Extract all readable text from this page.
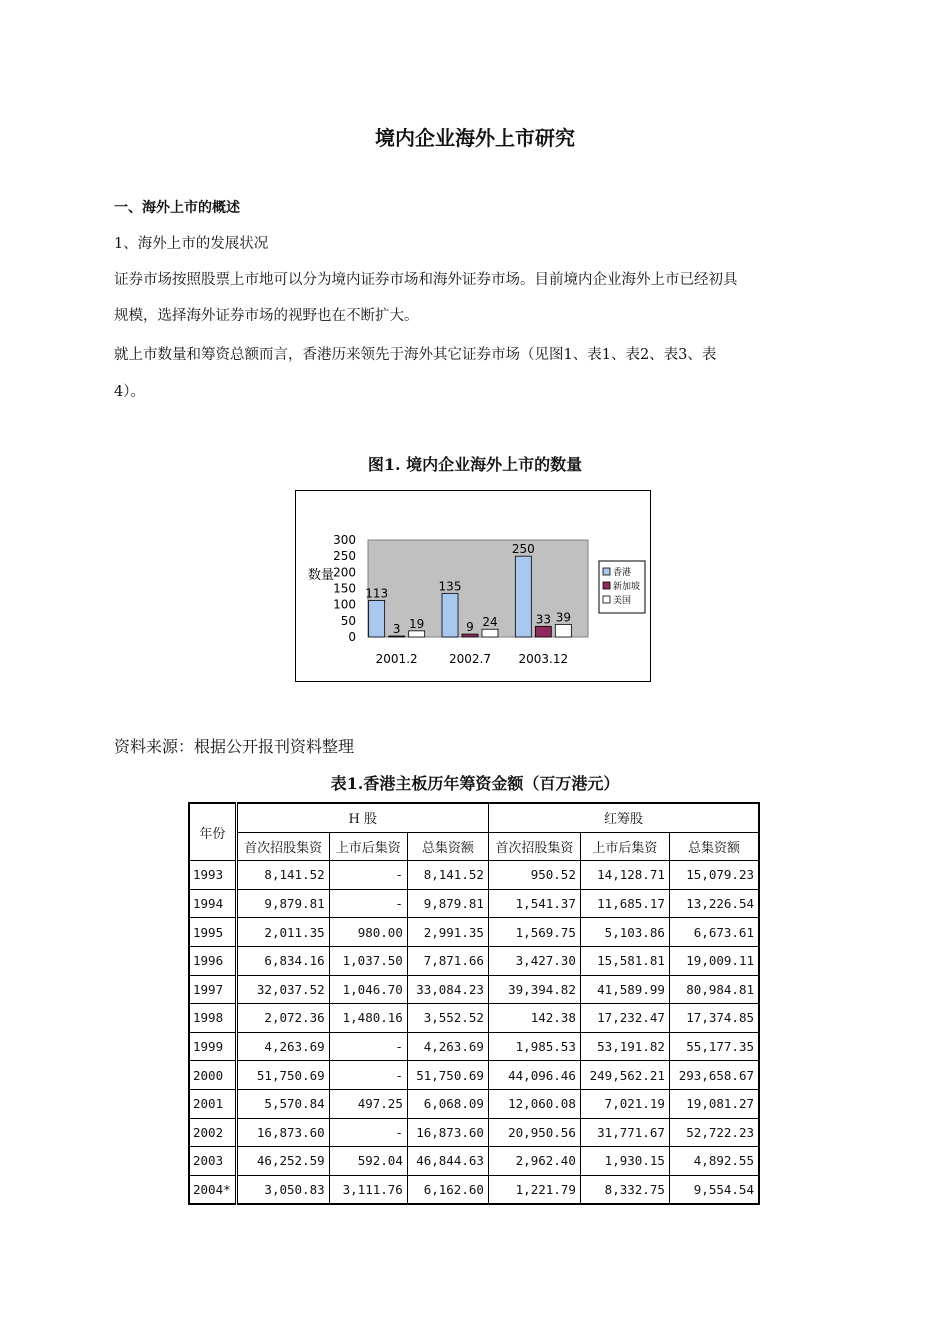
境内企业海外上市研究
一、海外上市的概述
1、海外上市的发展状况
证券市场按照股票上市地可以分为境内证券市场和海外证券市场。目前境内企业海外上市已经初具
规模，选择海外证券市场的视野也在不断扩大。
就上市数量和筹资总额而言，香港历来领先于海外其它证券市场（见图1、表1、表2、表3、表
4）。
图1. 境内企业海外上市的数量
0
50
100
150
200
250
300
数量
113
3 19
2001.2
135
9 24
2002.7
250
33 39
2003.12
香港
新加坡
美国
资料来源：根据公开报刊资料整理
表1.香港主板历年筹资金额（百万港元）
年份	H 股			红筹股		
	首次招股集资	上市后集资	总集资额	首次招股集资	上市后集资	总集资额
1993	8,141.52	-	8,141.52	950.52	14,128.71	15,079.23
1994	9,879.81	-	9,879.81	1,541.37	11,685.17	13,226.54
1995	2,011.35	980.00	2,991.35	1,569.75	5,103.86	6,673.61
1996	6,834.16	1,037.50	7,871.66	3,427.30	15,581.81	19,009.11
1997	32,037.52	1,046.70	33,084.23	39,394.82	41,589.99	80,984.81
1998	2,072.36	1,480.16	3,552.52	142.38	17,232.47	17,374.85
1999	4,263.69	-	4,263.69	1,985.53	53,191.82	55,177.35
2000	51,750.69	-	51,750.69	44,096.46	249,562.21	293,658.67
2001	5,570.84	497.25	6,068.09	12,060.08	7,021.19	19,081.27
2002	16,873.60	-	16,873.60	20,950.56	31,771.67	52,722.23
2003	46,252.59	592.04	46,844.63	2,962.40	1,930.15	4,892.55
2004*	3,050.83	3,111.76	6,162.60	1,221.79	8,332.75	9,554.54
